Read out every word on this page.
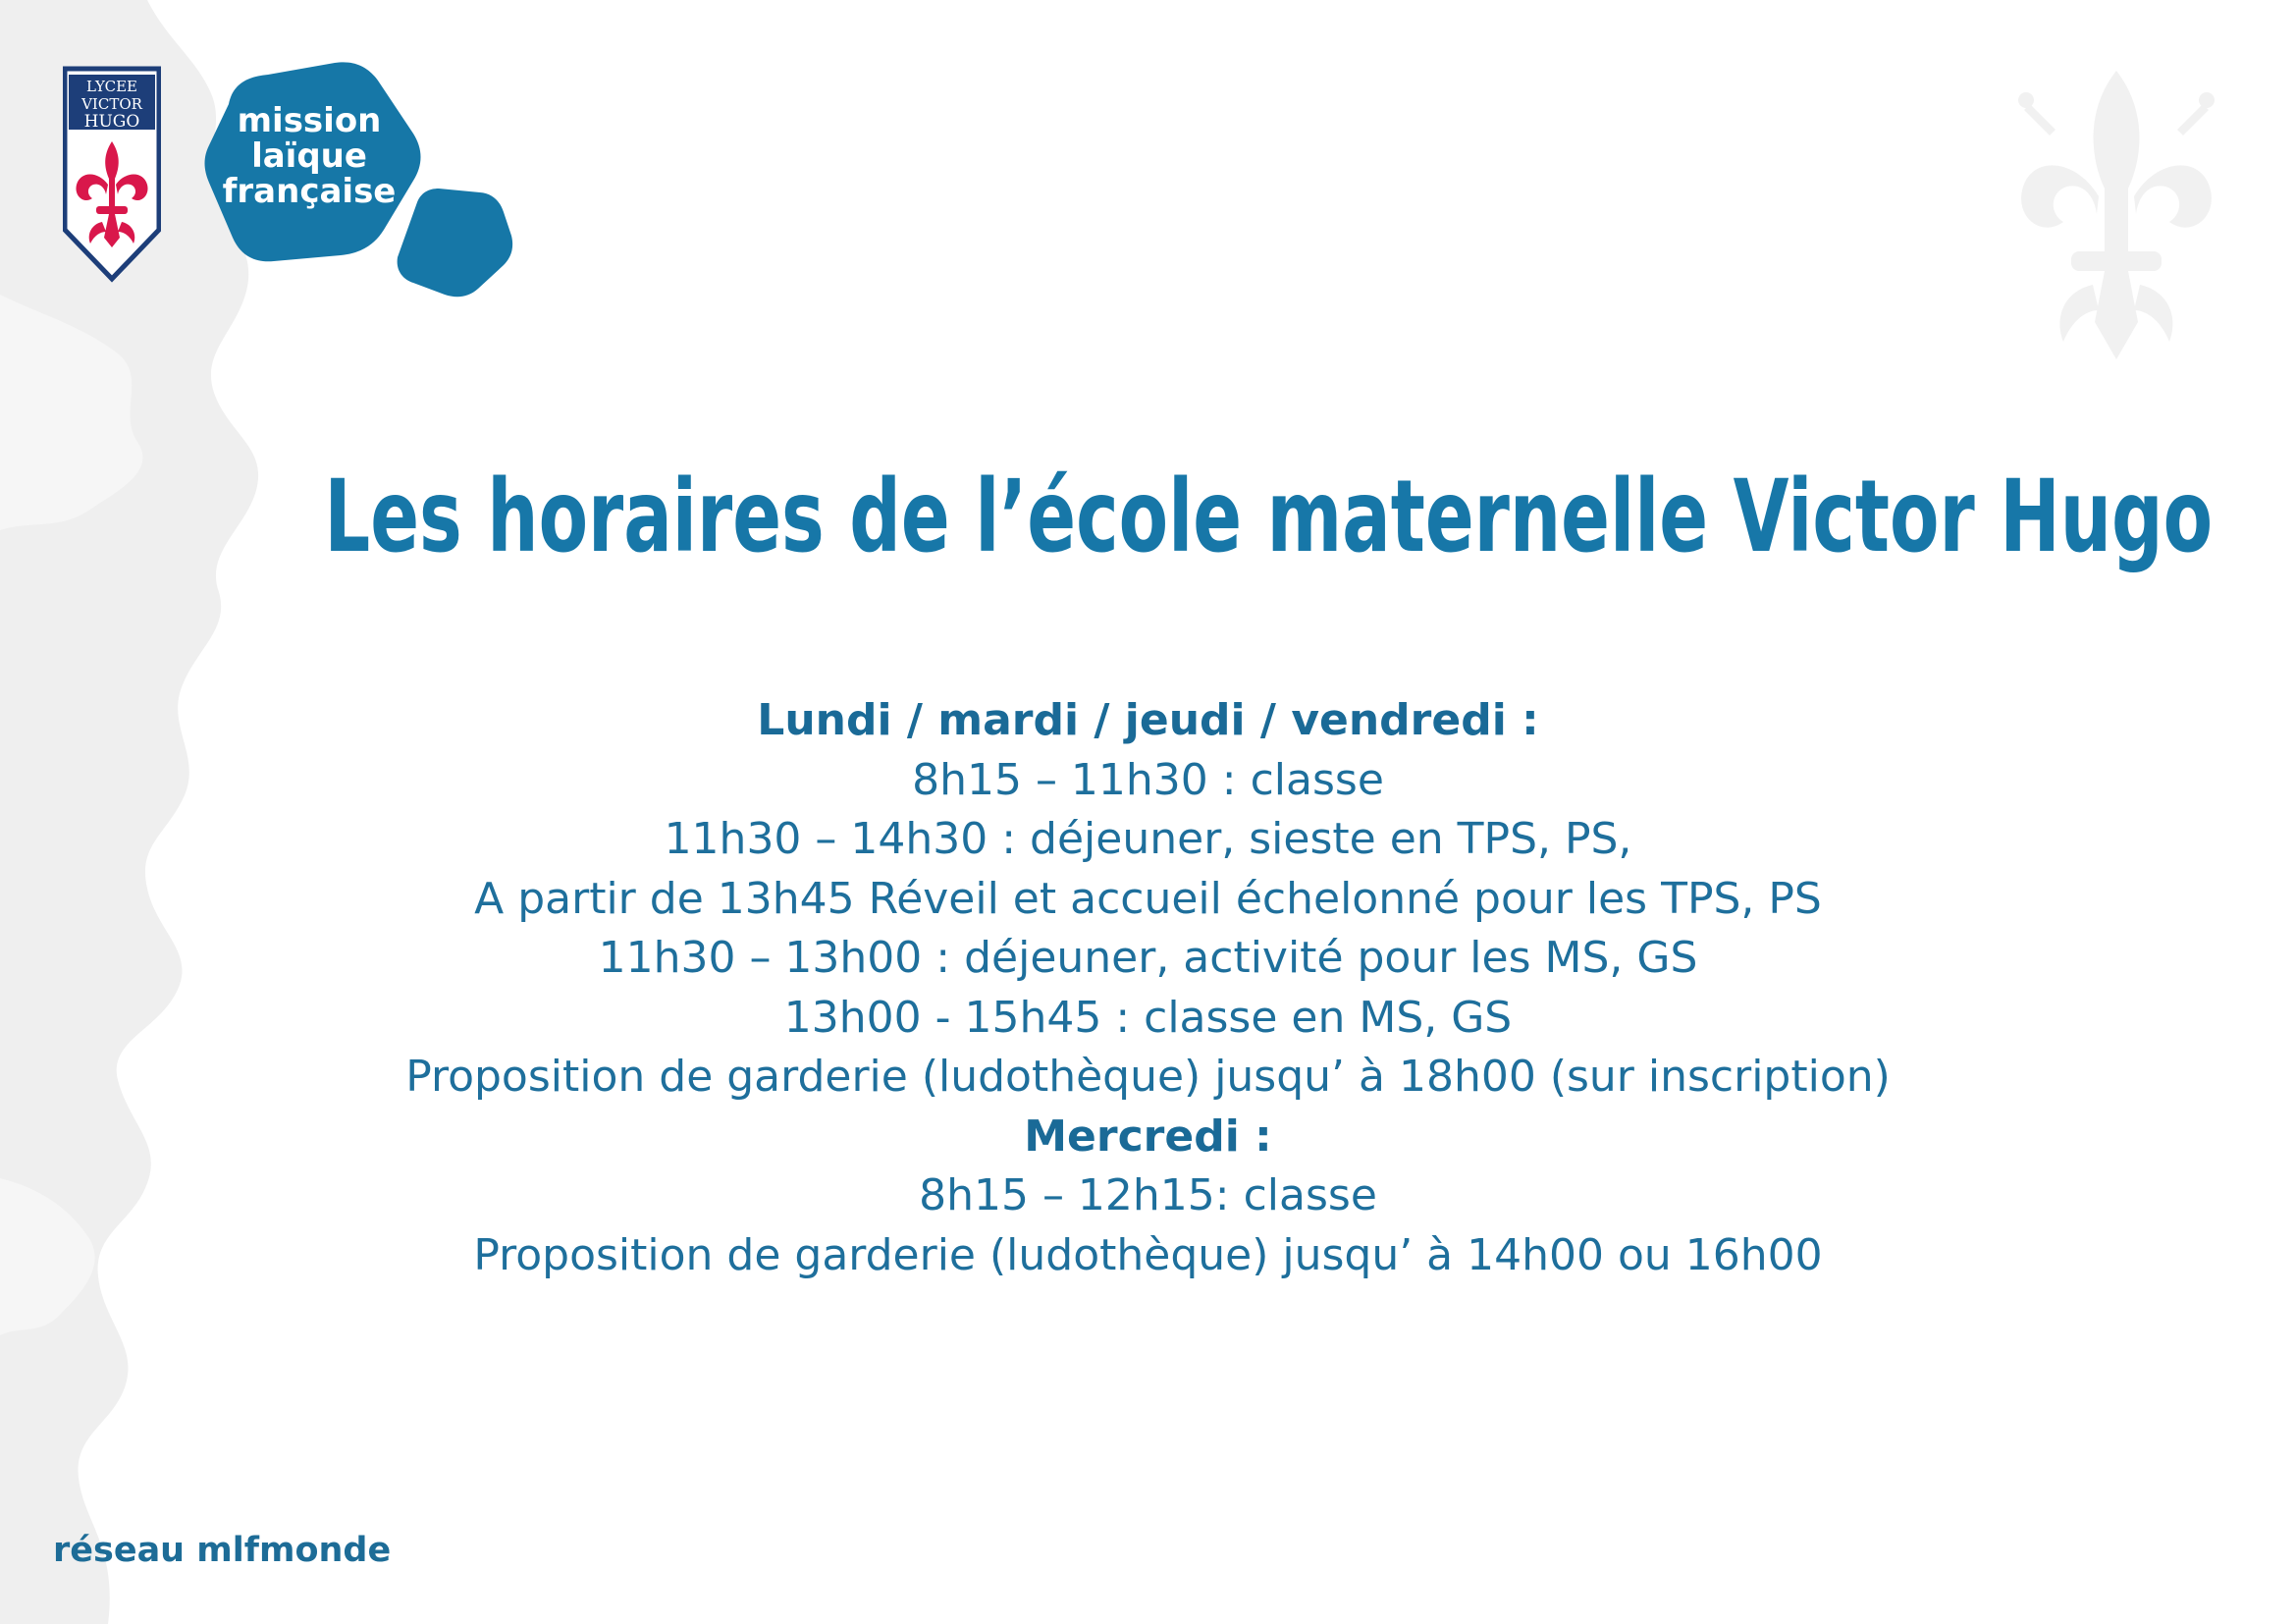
LYCEE
VICTOR
HUGO	mission
laïque
française
Les horaires de l’école maternelle Victor Hugo
Lundi / mardi / jeudi / vendredi :
8h15 – 11h30 : classe
11h30 – 14h30 : déjeuner, sieste en TPS, PS,
A partir de 13h45 Réveil et accueil échelonné pour les TPS, PS
11h30 – 13h00 : déjeuner, activité pour les MS, GS
13h00 - 15h45 : classe en MS, GS
Proposition de garderie (ludothèque) jusqu’ à 18h00 (sur inscription)
Mercredi :
8h15 – 12h15: classe
Proposition de garderie (ludothèque) jusqu’ à 14h00 ou 16h00
réseau mlfmonde
